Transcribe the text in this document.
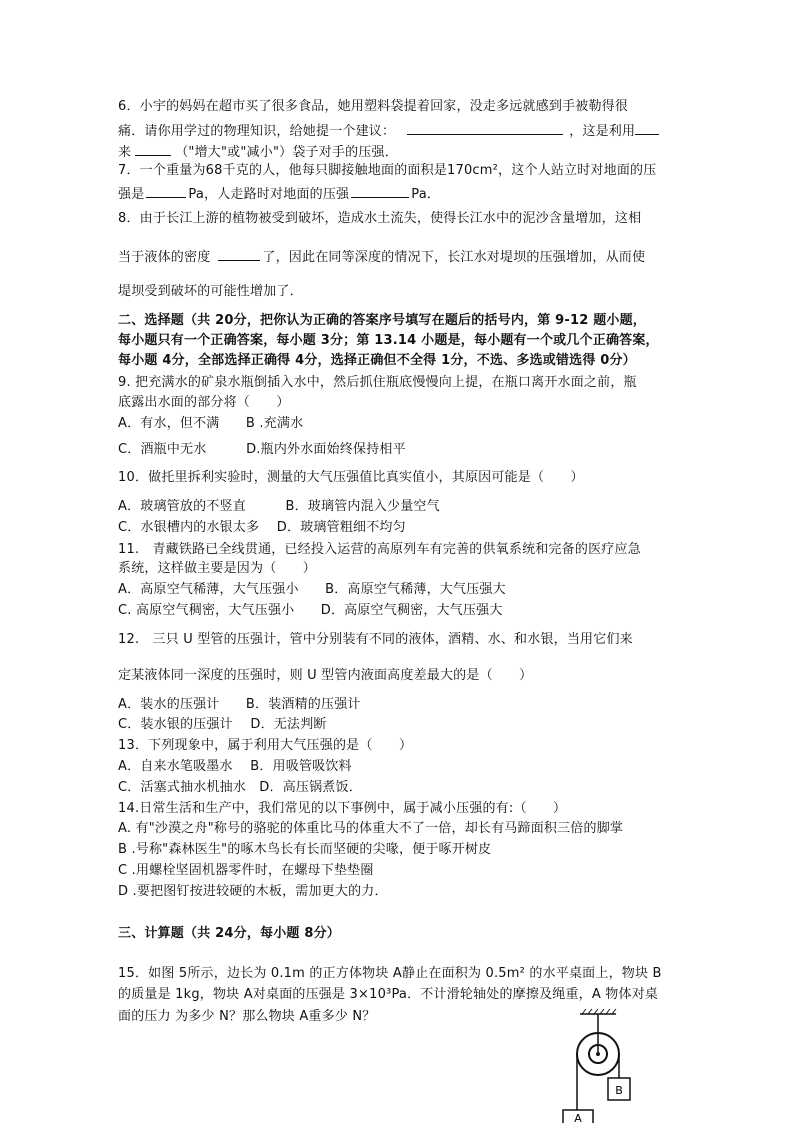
6．小宇的妈妈在超市买了很多食品，她用塑料袋提着回家，没走多远就感到手被勒得很
痛．请你用学过的物理知识，给她提一个建议：	，这是利用
来	（"增大"或"减小"）袋子对手的压强．
7．一个重量为68千克的人，他每只脚接触地面的面积是170cm²，这个人站立时对地面的压
强是	Pa，人走路时对地面的压强	Pa．
8．由于长江上游的植物被受到破坏，造成水土流失，使得长江水中的泥沙含量增加，这相
当于液体的密度	了，因此在同等深度的情况下，长江水对堤坝的压强增加，从而使
堤坝受到破坏的可能性增加了．
二、选择题（共 20分，把你认为正确的答案序号填写在题后的括号内，第 9-12 题小题，
每小题只有一个正确答案，每小题 3分；第 13.14 小题是，每小题有一个或几个正确答案，
每小题 4分，全部选择正确得 4分，选择正确但不全得 1分，不选、多选或错选得 0分）
9. 把充满水的矿泉水瓶倒插入水中，然后抓住瓶底慢慢向上提，在瓶口离开水面之前，瓶
底露出水面的部分将（　　）
A．有水，但不满　　B .充满水
C．酒瓶中无水　　　D.瓶内外水面始终保持相平
10．做托里拆利实验时，测量的大气压强值比真实值小，其原因可能是（　　）
A．玻璃管放的不竖直　　　B．玻璃管内混入少量空气
C．水银槽内的水银太多　 D．玻璃管粗细不均匀
11.　青藏铁路已全线贯通，已经投入运营的高原列车有完善的供氧系统和完备的医疗应急
系统，这样做主要是因为（　　）
A．高原空气稀薄，大气压强小　　B．高原空气稀薄，大气压强大
C. 高原空气稠密，大气压强小　　D．高原空气稠密，大气压强大
12.　三只 U 型管的压强计，管中分别装有不同的液体，酒精、水、和水银，当用它们来
定某液体同一深度的压强时，则 U 型管内液面高度差最大的是（　　）
A．装水的压强计　　B．装酒精的压强计
C．装水银的压强计　 D．无法判断
13．下列现象中，属于利用大气压强的是（　　）
A．自来水笔吸墨水　 B．用吸管吸饮料
C．活塞式抽水机抽水　D．高压锅煮饭．
14.日常生活和生产中，我们常见的以下事例中，属于减小压强的有:（　　）
A. 有"沙漠之舟"称号的骆驼的体重比马的体重大不了一倍，却长有马蹄面积三倍的脚掌
B .号称"森林医生"的啄木鸟长有长而坚硬的尖喙，便于啄开树皮
C .用螺栓坚固机器零件时，在螺母下垫垫圈
D .要把图钉按进较硬的木板，需加更大的力．
三、计算题（共 24分，每小题 8分）
15．如图 5所示，边长为 0.1m 的正方体物块 A静止在面积为 0.5m² 的水平桌面上，物块 B
的质量是 1kg，物块 A对桌面的压强是 3×10³Pa．不计滑轮轴处的摩擦及绳重，A 物体对桌
面的压力 为多少 N？那么物块 A重多少 N？
B
A
